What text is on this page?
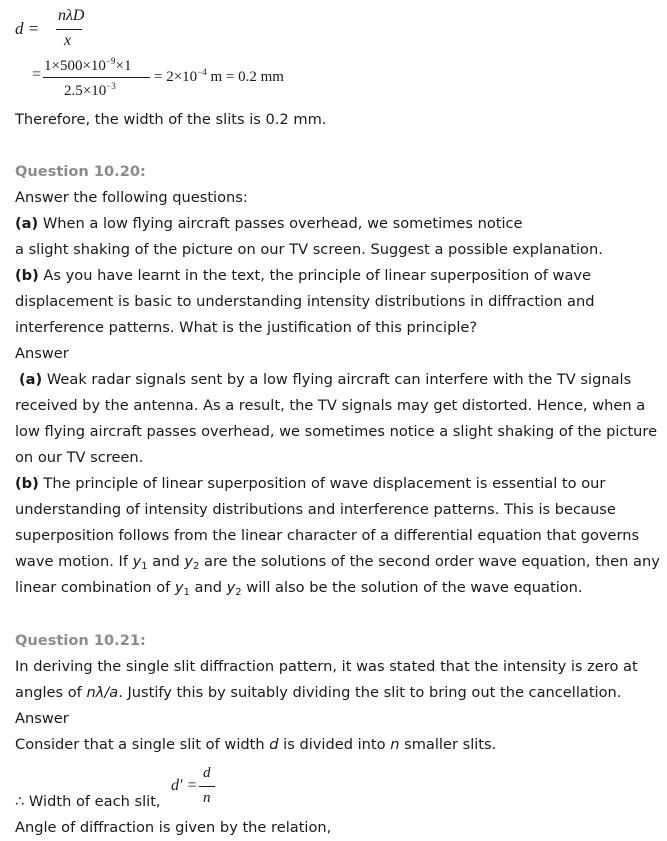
d =
nλD
x
= $1\times 500\times 10^{-9}\times 1$
$2.5\times 10^{-3}$
= $2\times 10^{-4}$ m = 0.2 mm
Therefore, the width of the slits is 0.2 mm.
Question 10.20:
Answer the following questions:
(a) When a low flying aircraft passes overhead, we sometimes notice
a slight shaking of the picture on our TV screen. Suggest a possible explanation.
(b) As you have learnt in the text, the principle of linear superposition of wave
displacement is basic to understanding intensity distributions in diffraction and
interference patterns. What is the justification of this principle?
Answer
(a) Weak radar signals sent by a low flying aircraft can interfere with the TV signals
received by the antenna. As a result, the TV signals may get distorted. Hence, when a
low flying aircraft passes overhead, we sometimes notice a slight shaking of the picture
on our TV screen.
(b) The principle of linear superposition of wave displacement is essential to our
understanding of intensity distributions and interference patterns. This is because
superposition follows from the linear character of a differential equation that governs
wave motion. If $y_1$ and $y_2$ are the solutions of the second order wave equation, then any
linear combination of $y_1$ and $y_2$ will also be the solution of the wave equation.
Question 10.21:
In deriving the single slit diffraction pattern, it was stated that the intensity is zero at
angles of nλ/a. Justify this by suitably dividing the slit to bring out the cancellation.
Answer
Consider that a single slit of width d is divided into n smaller slits.
∴ Width of each slit,
d′ =
d
n
Angle of diffraction is given by the relation,
